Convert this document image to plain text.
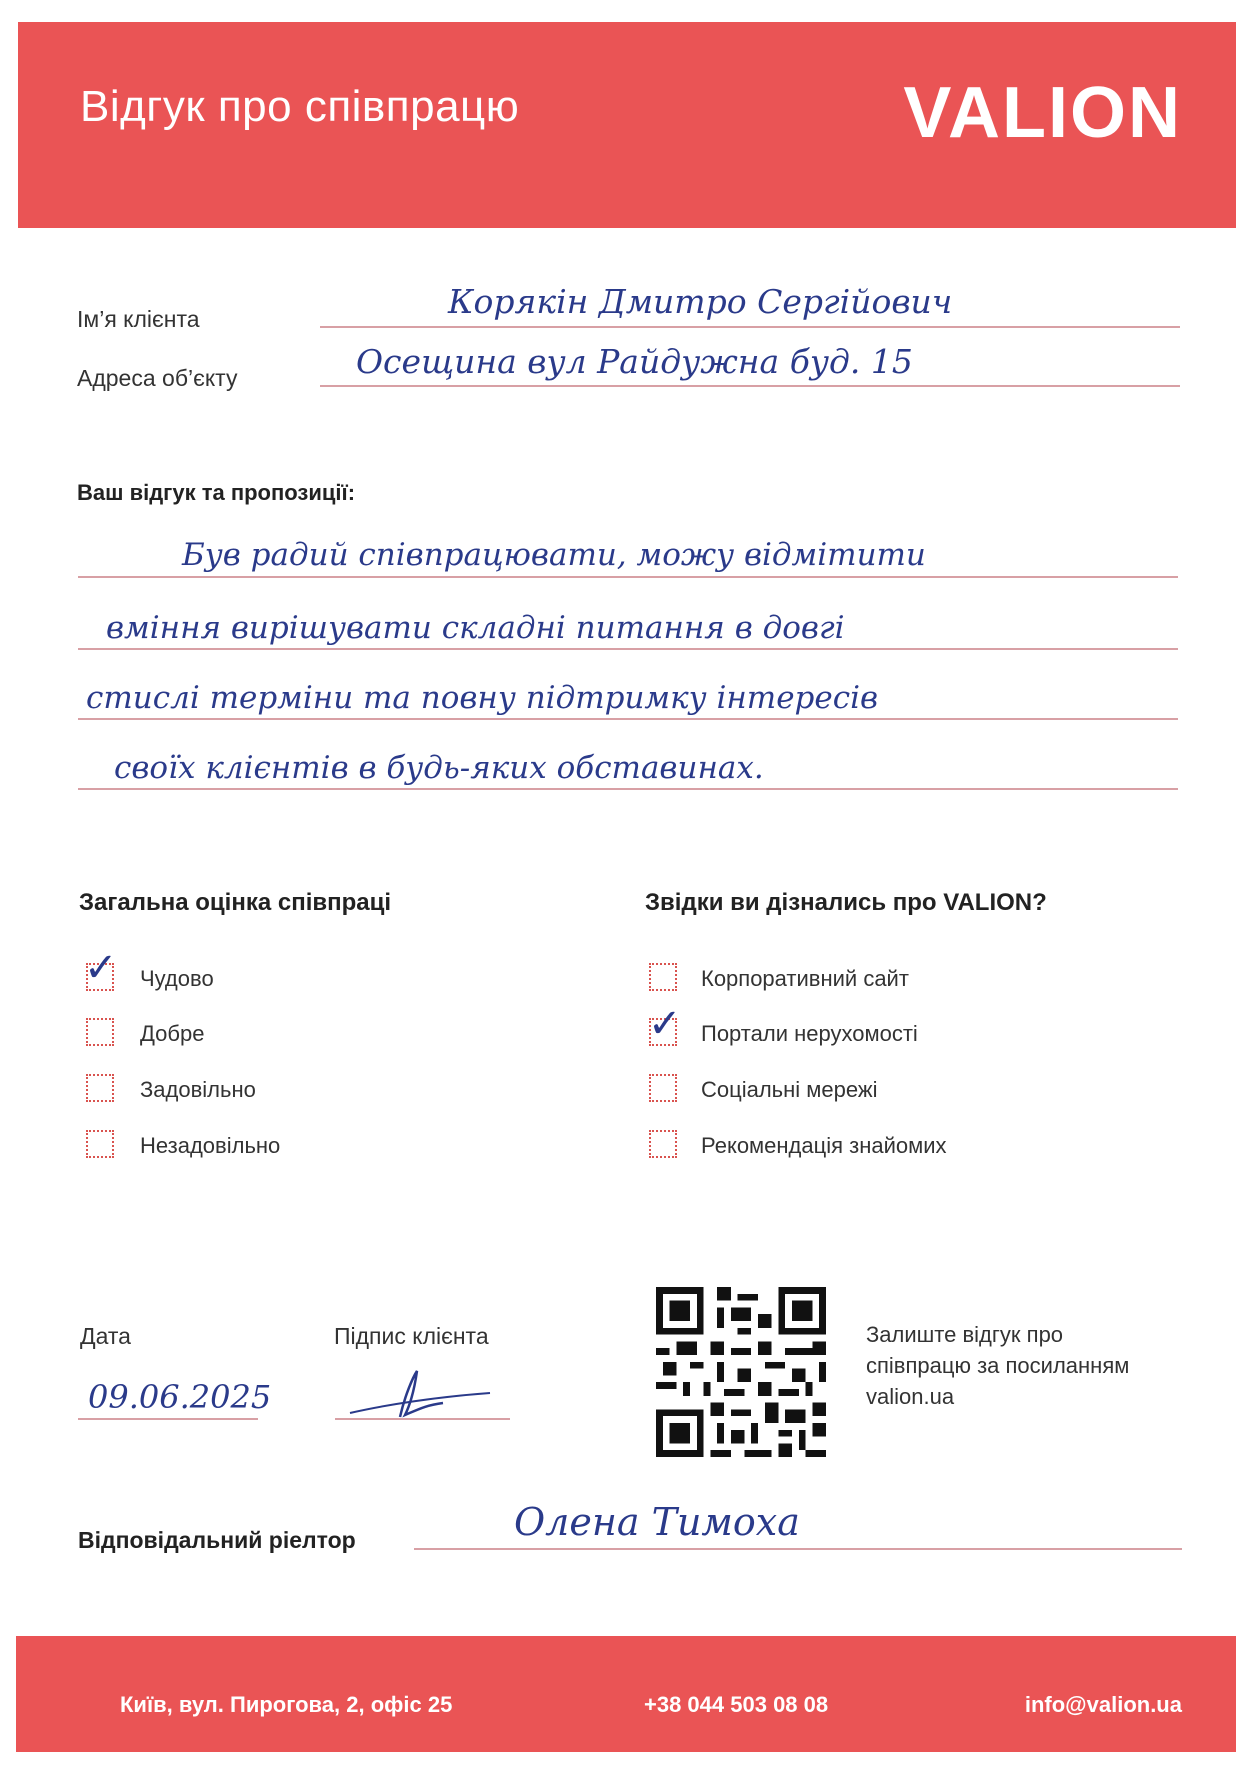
Відгук про співпрацю	VALION
Ім’я клієнта	Корякін Дмитро Сергійович
Адреса об’єкту	Осещина вул Райдужна буд. 15
Ваш відгук та пропозиції:
Був радий співпрацювати, можу відмітити
вміння вирішувати складні питання в довгі
стислі терміни та повну підтримку інтересів
своїх клієнтів в будь-яких обставинах.
Загальна оцінка співпраці
✓ Чудово
Добре
Задовільно
Незадовільно
Звідки ви дізнались про VALION?
Корпоративний сайт
✓ Портали нерухомості
Соціальні мережі
Рекомендація знайомих
Дата
09.06.2025
Підпис клієнта	Залиште відгук про
співпрацю за посиланням
valion.ua
Відповідальний ріелтор	Олена Тимоха
Київ, вул. Пирогова, 2, офіс 25	+38 044 503 08 08	info@valion.ua
